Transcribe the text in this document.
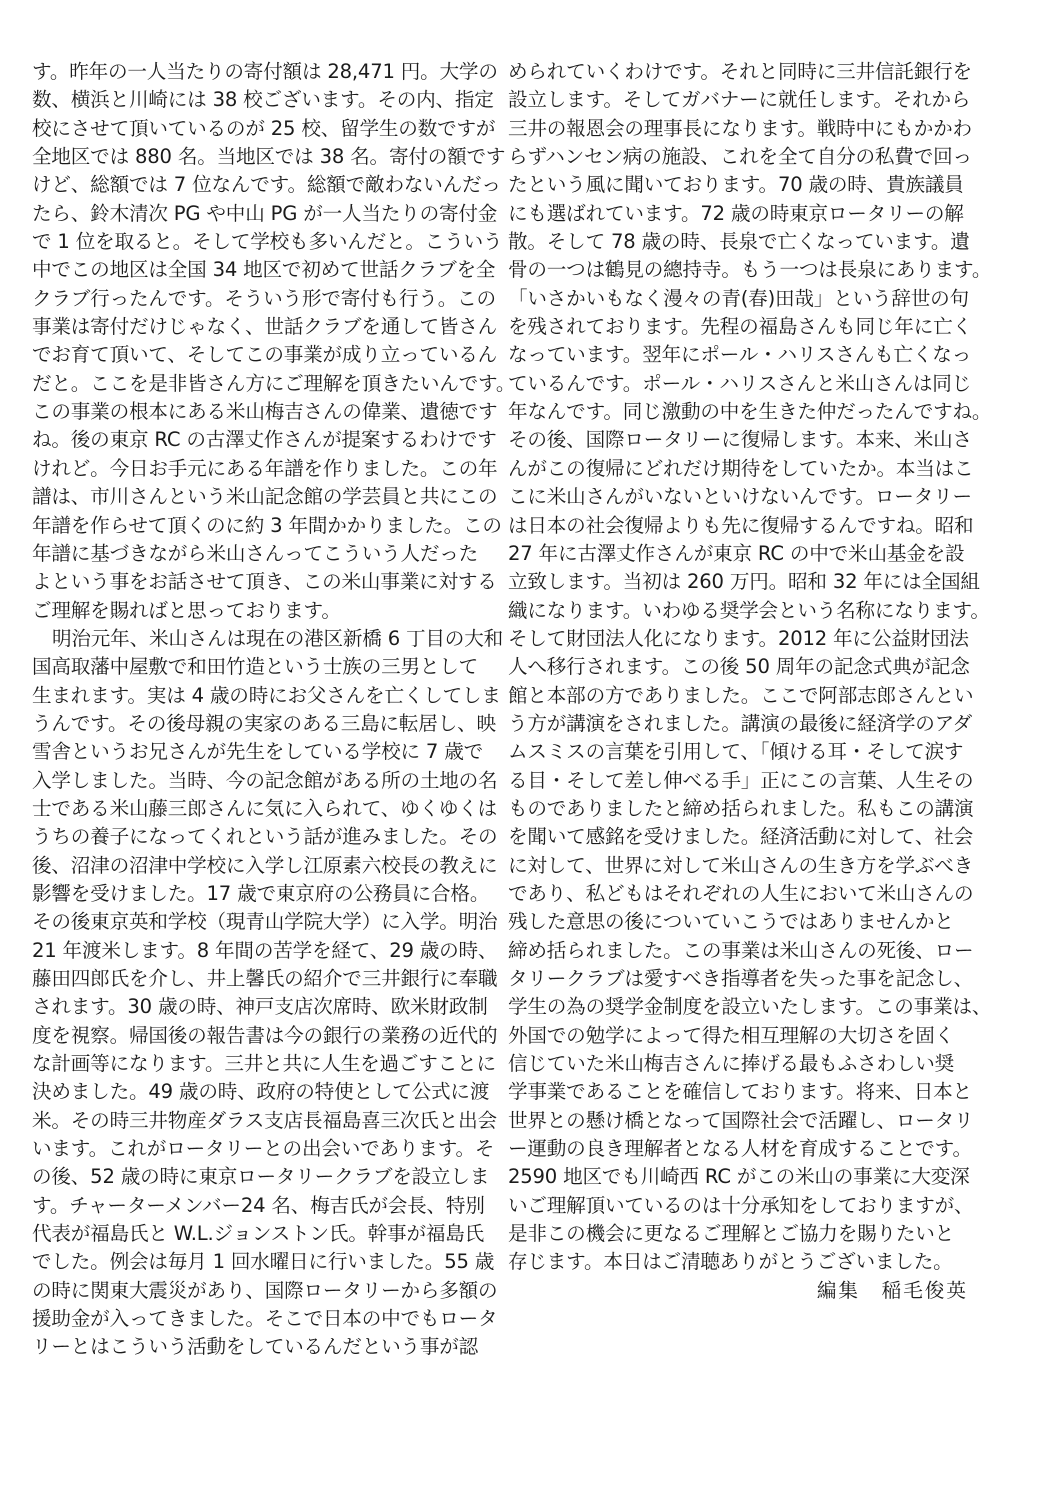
す。昨年の一人当たりの寄付額は 28,471 円。大学の
数、横浜と川崎には 38 校ございます。その内、指定
校にさせて頂いているのが 25 校、留学生の数ですが
全地区では 880 名。当地区では 38 名。寄付の額です
けど、総額では 7 位なんです。総額で敵わないんだっ
たら、鈴木清次 PG や中山 PG が一人当たりの寄付金
で 1 位を取ると。そして学校も多いんだと。こういう
中でこの地区は全国 34 地区で初めて世話クラブを全
クラブ行ったんです。そういう形で寄付も行う。この
事業は寄付だけじゃなく、世話クラブを通して皆さん
でお育て頂いて、そしてこの事業が成り立っているん
だと。ここを是非皆さん方にご理解を頂きたいんです。
この事業の根本にある米山梅吉さんの偉業、遺徳です
ね。後の東京 RC の古澤丈作さんが提案するわけです
けれど。今日お手元にある年譜を作りました。この年
譜は、市川さんという米山記念館の学芸員と共にこの
年譜を作らせて頂くのに約 3 年間かかりました。この
年譜に基づきながら米山さんってこういう人だった
よという事をお話させて頂き、この米山事業に対する
ご理解を賜ればと思っております。
明治元年、米山さんは現在の港区新橋 6 丁目の大和
国高取藩中屋敷で和田竹造という士族の三男として
生まれます。実は 4 歳の時にお父さんを亡くしてしま
うんです。その後母親の実家のある三島に転居し、映
雪舎というお兄さんが先生をしている学校に 7 歳で
入学しました。当時、今の記念館がある所の土地の名
士である米山藤三郎さんに気に入られて、ゆくゆくは
うちの養子になってくれという話が進みました。その
後、沼津の沼津中学校に入学し江原素六校長の教えに
影響を受けました。17 歳で東京府の公務員に合格。
その後東京英和学校（現青山学院大学）に入学。明治
21 年渡米します。8 年間の苦学を経て、29 歳の時、
藤田四郎氏を介し、井上馨氏の紹介で三井銀行に奉職
されます。30 歳の時、神戸支店次席時、欧米財政制
度を視察。帰国後の報告書は今の銀行の業務の近代的
な計画等になります。三井と共に人生を過ごすことに
決めました。49 歳の時、政府の特使として公式に渡
米。その時三井物産ダラス支店長福島喜三次氏と出会
います。これがロータリーとの出会いであります。そ
の後、52 歳の時に東京ロータリークラブを設立しま
す。チャーターメンバー24 名、梅吉氏が会長、特別
代表が福島氏と W.L.ジョンストン氏。幹事が福島氏
でした。例会は毎月 1 回水曜日に行いました。55 歳
の時に関東大震災があり、国際ロータリーから多額の
援助金が入ってきました。そこで日本の中でもロータ
リーとはこういう活動をしているんだという事が認
められていくわけです。それと同時に三井信託銀行を
設立します。そしてガバナーに就任します。それから
三井の報恩会の理事長になります。戦時中にもかかわ
らずハンセン病の施設、これを全て自分の私費で回っ
たという風に聞いております。70 歳の時、貴族議員
にも選ばれています。72 歳の時東京ロータリーの解
散。そして 78 歳の時、長泉で亡くなっています。遺
骨の一つは鶴見の總持寺。もう一つは長泉にあります。
「いさかいもなく漫々の青(春)田哉」という辞世の句
を残されております。先程の福島さんも同じ年に亡く
なっています。翌年にポール・ハリスさんも亡くなっ
ているんです。ポール・ハリスさんと米山さんは同じ
年なんです。同じ激動の中を生きた仲だったんですね。
その後、国際ロータリーに復帰します。本来、米山さ
んがこの復帰にどれだけ期待をしていたか。本当はこ
こに米山さんがいないといけないんです。ロータリー
は日本の社会復帰よりも先に復帰するんですね。昭和
27 年に古澤丈作さんが東京 RC の中で米山基金を設
立致します。当初は 260 万円。昭和 32 年には全国組
織になります。いわゆる奨学会という名称になります。
そして財団法人化になります。2012 年に公益財団法
人へ移行されます。この後 50 周年の記念式典が記念
館と本部の方でありました。ここで阿部志郎さんとい
う方が講演をされました。講演の最後に経済学のアダ
ムスミスの言葉を引用して、「傾ける耳・そして涙す
る目・そして差し伸べる手」正にこの言葉、人生その
ものでありましたと締め括られました。私もこの講演
を聞いて感銘を受けました。経済活動に対して、社会
に対して、世界に対して米山さんの生き方を学ぶべき
であり、私どもはそれぞれの人生において米山さんの
残した意思の後についていこうではありませんかと
締め括られました。この事業は米山さんの死後、ロー
タリークラブは愛すべき指導者を失った事を記念し、
学生の為の奨学金制度を設立いたします。この事業は、
外国での勉学によって得た相互理解の大切さを固く
信じていた米山梅吉さんに捧げる最もふさわしい奨
学事業であることを確信しております。将来、日本と
世界との懸け橋となって国際社会で活躍し、ロータリ
ー運動の良き理解者となる人材を育成することです。
2590 地区でも川崎西 RC がこの米山の事業に大変深
いご理解頂いているのは十分承知をしておりますが、
是非この機会に更なるご理解とご協力を賜りたいと
存じます。本日はご清聴ありがとうございました。
編集　稲毛俊英
